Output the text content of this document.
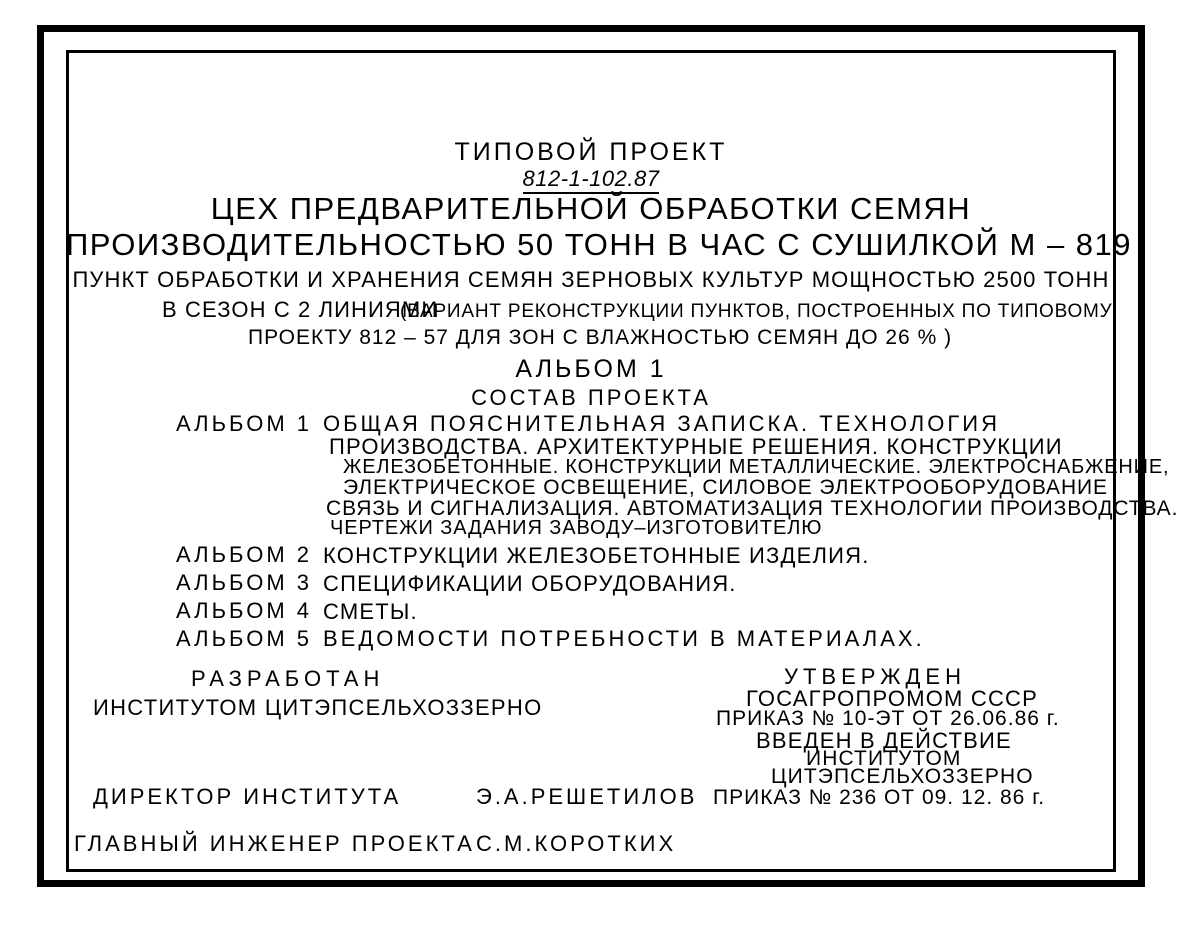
ТИПОВОЙ ПРОЕКТ
812-1-102.87
ЦЕХ ПРЕДВАРИТЕЛЬНОЙ ОБРАБОТКИ СЕМЯН
ПРОИЗВОДИТЕЛЬНОСТЬЮ 50 ТОНН В ЧАС С СУШИЛКОЙ М – 819
ПУНКТ ОБРАБОТКИ И ХРАНЕНИЯ СЕМЯН ЗЕРНОВЫХ КУЛЬТУР МОЩНОСТЬЮ 2500 ТОНН
В СЕЗОН С 2 ЛИНИЯМИ
(ВАРИАНТ РЕКОНСТРУКЦИИ ПУНКТОВ, ПОСТРОЕННЫХ ПО ТИПОВОМУ
ПРОЕКТУ 812 – 57 ДЛЯ ЗОН С ВЛАЖНОСТЬЮ СЕМЯН ДО 26 % )
АЛЬБОМ 1
СОСТАВ ПРОЕКТА
АЛЬБОМ 1 ОБЩАЯ ПОЯСНИТЕЛЬНАЯ ЗАПИСКА. ТЕХНОЛОГИЯ
ПРОИЗВОДСТВА. АРХИТЕКТУРНЫЕ РЕШЕНИЯ. КОНСТРУКЦИИ
ЖЕЛЕЗОБЕТОННЫЕ. КОНСТРУКЦИИ МЕТАЛЛИЧЕСКИЕ. ЭЛЕКТРОСНАБЖЕНИЕ,
ЭЛЕКТРИЧЕСКОЕ ОСВЕЩЕНИЕ, СИЛОВОЕ ЭЛЕКТРООБОРУДОВАНИЕ
СВЯЗЬ И СИГНАЛИЗАЦИЯ. АВТОМАТИЗАЦИЯ ТЕХНОЛОГИИ ПРОИЗВОДСТВА.
ЧЕРТЕЖИ ЗАДАНИЯ ЗАВОДУ–ИЗГОТОВИТЕЛЮ
АЛЬБОМ 2 КОНСТРУКЦИИ ЖЕЛЕЗОБЕТОННЫЕ ИЗДЕЛИЯ.
АЛЬБОМ 3 СПЕЦИФИКАЦИИ ОБОРУДОВАНИЯ.
АЛЬБОМ 4 СМЕТЫ.
АЛЬБОМ 5 ВЕДОМОСТИ ПОТРЕБНОСТИ В МАТЕРИАЛАХ.
РАЗРАБОТАН
ИНСТИТУТОМ ЦИТЭПСЕЛЬХОЗЗЕРНО
УТВЕРЖДЕН
ГОСАГРОПРОМОМ СССР
ПРИКАЗ № 10-ЭТ ОТ 26.06.86 г.
ВВЕДЕН В ДЕЙСТВИЕ
ИНСТИТУТОМ
ЦИТЭПСЕЛЬХОЗЗЕРНО
ПРИКАЗ № 236 ОТ 09. 12. 86 г.
ДИРЕКТОР ИНСТИТУТА	Э.А.РЕШЕТИЛОВ
ГЛАВНЫЙ ИНЖЕНЕР ПРОЕКТА С.М.КОРОТКИХ
